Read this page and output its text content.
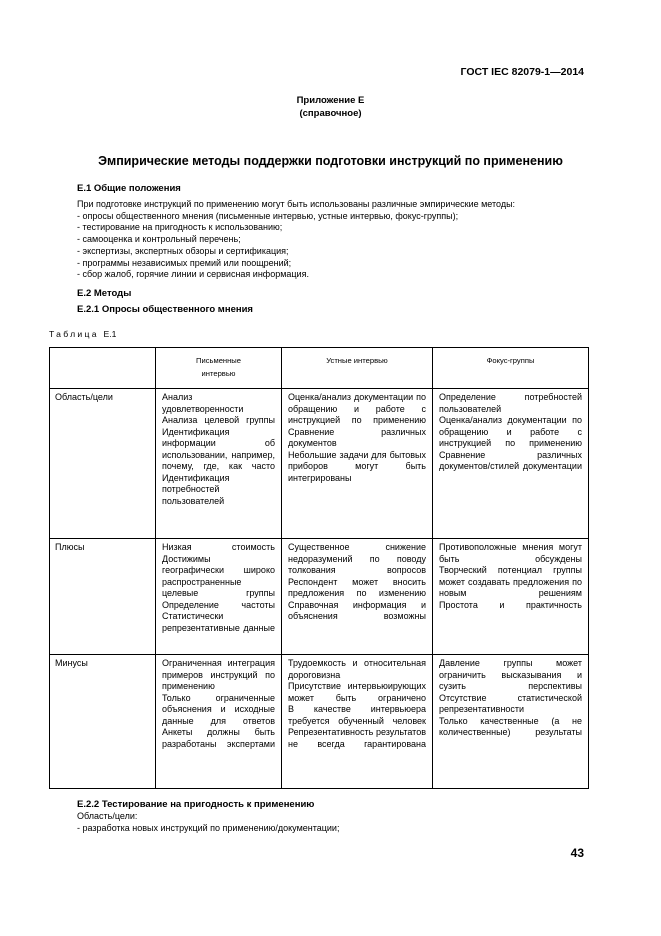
ГОСТ IEC 82079-1—2014
Приложение Е
(справочное)
Эмпирические методы поддержки подготовки инструкций по применению
Е.1 Общие положения
При подготовке инструкций по применению могут быть использованы различные эмпирические методы:
- опросы общественного мнения (письменные интервью, устные интервью, фокус-группы);
- тестирование на пригодность к использованию;
- самооценка и контрольный перечень;
- экспертизы, экспертных обзоры и сертификация;
- программы независимых премий или поощрений;
- сбор жалоб, горячие линии и сервисная информация.
Е.2 Методы
Е.2.1 Опросы общественного мнения
Таблица Е.1

	Письменные интервью	Устные интервью	Фокус-группы

Область/цели	Анализ удовлетворенности
Анализа целевой группы
Идентификация информации об использовании, например, почему, где, как часто
Идентификация потребностей пользователей	Оценка/анализ документации по обращению и работе с инструкцией по применению
Сравнение различных документов
Небольшие задачи для бытовых приборов могут быть интегрированы	Определение потребностей пользователей
Оценка/анализ документации по обращению и работе с инструкцией по применению
Сравнение различных документов/стилей документации

Плюсы	Низкая стоимость
Достижимы географически широко распространенные целевые группы
Определение частоты
Статистически репрезентативные данные	Существенное снижение недоразумений по поводу толкования вопросов
Респондент может вносить предложения по изменению
Справочная информация и объяснения возможны	Противоположные мнения могут быть обсуждены
Творческий потенциал группы может создавать предложения по новым решениям
Простота и практичность

Минусы	Ограниченная интеграция примеров инструкций по применению
Только ограниченные объяснения и исходные данные для ответов
Анкеты должны быть разработаны экспертами	Трудоемкость и относительная дороговизна
Присутствие интервьюирующих может быть ограничено
В качестве интервьюера требуется обученный человек
Репрезентативность результатов не всегда гарантирована	Давление группы может ограничить высказывания и сузить перспективы
Отсутствие статистической репрезентативности
Только качественные (а не количественные) результаты
Е.2.2 Тестирование на пригодность к применению
Область/цели:
- разработка новых инструкций по применению/документации;
43
